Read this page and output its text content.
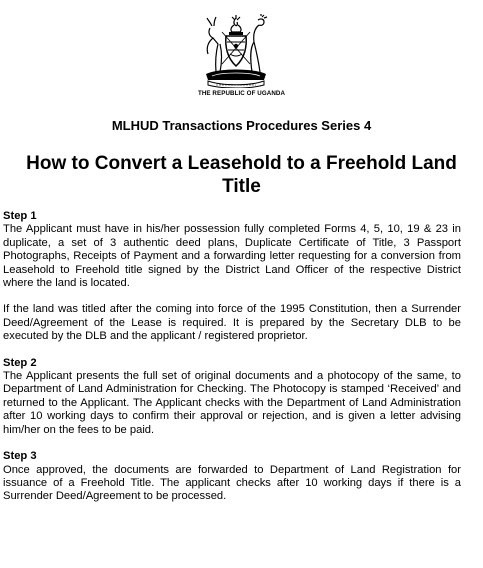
THE REPUBLIC OF UGANDA
MLHUD Transactions Procedures Series 4
How to Convert a Leasehold to a Freehold Land Title

Step 1

The Applicant must have in his/her possession fully completed Forms 4, 5, 10, 19 & 23 in duplicate, a set of 3 authentic deed plans, Duplicate Certificate of Title, 3 Passport Photographs, Receipts of Payment and a forwarding letter requesting for a conversion from Leasehold to Freehold title signed by the District Land Officer of the respective District where the land is located.

If the land was titled after the coming into force of the 1995 Constitution, then a Surrender Deed/Agreement of the Lease is required. It is prepared by the Secretary DLB to be executed by the DLB and the applicant / registered proprietor.

Step 2

The Applicant presents the full set of original documents and a photocopy of the same, to Department of Land Administration for Checking. The Photocopy is stamped ‘Received’ and returned to the Applicant. The Applicant checks with the Department of Land Administration after 10 working days to confirm their approval or rejection, and is given a letter advising him/her on the fees to be paid.

Step 3

Once approved, the documents are forwarded to Department of Land Registration for issuance of a Freehold Title. The applicant checks after 10 working days if there is a Surrender Deed/Agreement to be processed.
